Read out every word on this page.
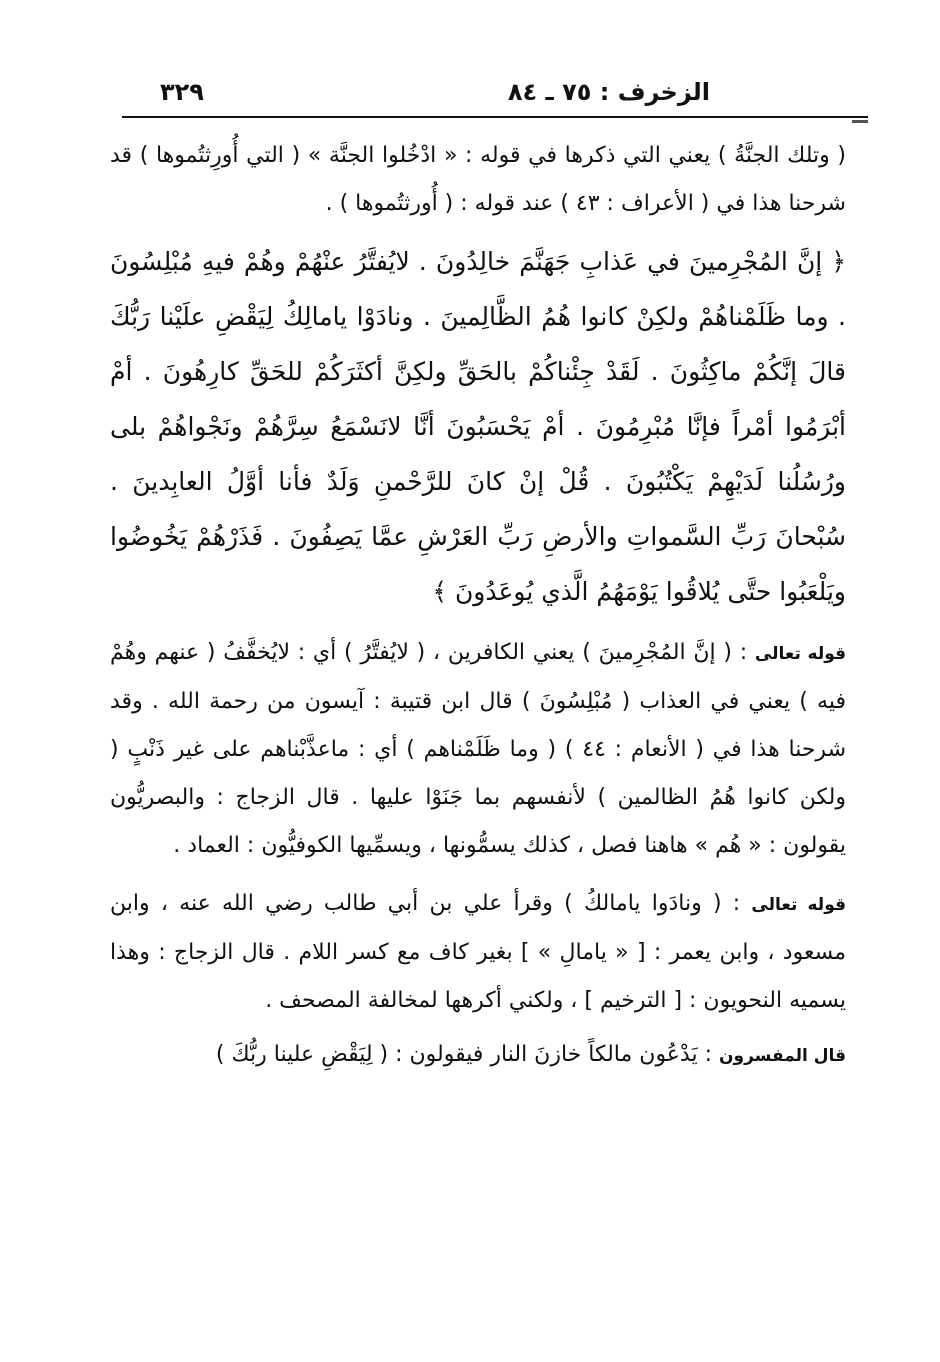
٣٢٩	الزخرف : ٧٥ ـ ٨٤

( وتلك الجنَّةُ ) يعني التي ذكرها في قوله : « ادْخُلوا الجنَّة » ( التي أُورِثتُموها ) قد شرحنا هذا في ( الأعراف : ٤٣ ) عند قوله : ( أُورثتُموها ) .

﴿ إنَّ المُجْرِمينَ في عَذابِ جَهَنَّمَ خالِدُونَ . لايُفتَّرُ عنْهُمْ وهُمْ فيهِ مُبْلِسُونَ . وما ظَلَمْناهُمْ ولكِنْ كانوا هُمُ الظَّالِمينَ . ونادَوْا يامالِكُ لِيَقْضِ علَيْنا رَبُّكَ قالَ إنَّكُمْ ماكِثُونَ . لَقَدْ جِئْناكُمْ بالحَقِّ ولكِنَّ أكثَرَكُمْ للحَقِّ كارِهُونَ . أمْ أبْرَمُوا أمْراً فإنَّا مُبْرِمُونَ . أمْ يَحْسَبُونَ أنَّا لانَسْمَعُ سِرَّهُمْ ونَجْواهُمْ بلى ورُسُلُنا لَدَيْهِمْ يَكْتُبُونَ . قُلْ إنْ كانَ للرَّحْمنِ وَلَدٌ فأنا أوَّلُ العابِدينَ . سُبْحانَ رَبِّ السَّمواتِ والأرضِ رَبِّ العَرْشِ عمَّا يَصِفُونَ . فَذَرْهُمْ يَخُوضُوا ويَلْعَبُوا حتَّى يُلاقُوا يَوْمَهُمُ الَّذي يُوعَدُونَ ﴾

قوله تعالى : ( إنَّ المُجْرِمينَ ) يعني الكافرين ، ( لايُفتَّرُ ) أي : لايُخفَّفُ ( عنهم وهُمْ فيه ) يعني في العذاب ( مُبْلِسُونَ ) قال ابن قتيبة : آيسون من رحمة الله . وقد شرحنا هذا في ( الأنعام : ٤٤ ) ( وما ظَلَمْناهم ) أي : ماعذَّبْناهم على غير ذَنْبٍ ( ولكن كانوا هُمُ الظالمين ) لأنفسهم بما جَنَوْا عليها . قال الزجاج : والبصريُّون يقولون : « هُم » هاهنا فصل ، كذلك يسمُّونها ، ويسمِّيها الكوفيُّون : العماد .

قوله تعالى : ( ونادَوا يامالكُ ) وقرأ علي بن أبي طالب رضي الله عنه ، وابن مسعود ، وابن يعمر : [ « يامالِ » ] بغير كاف مع كسر اللام . قال الزجاج : وهذا يسميه النحويون : [ الترخيم ] ، ولكني أكرهها لمخالفة المصحف .

قال المفسرون : يَدْعُون مالكاً خازنَ النار فيقولون : ( لِيَقْضِ علينا ربُّكَ )
